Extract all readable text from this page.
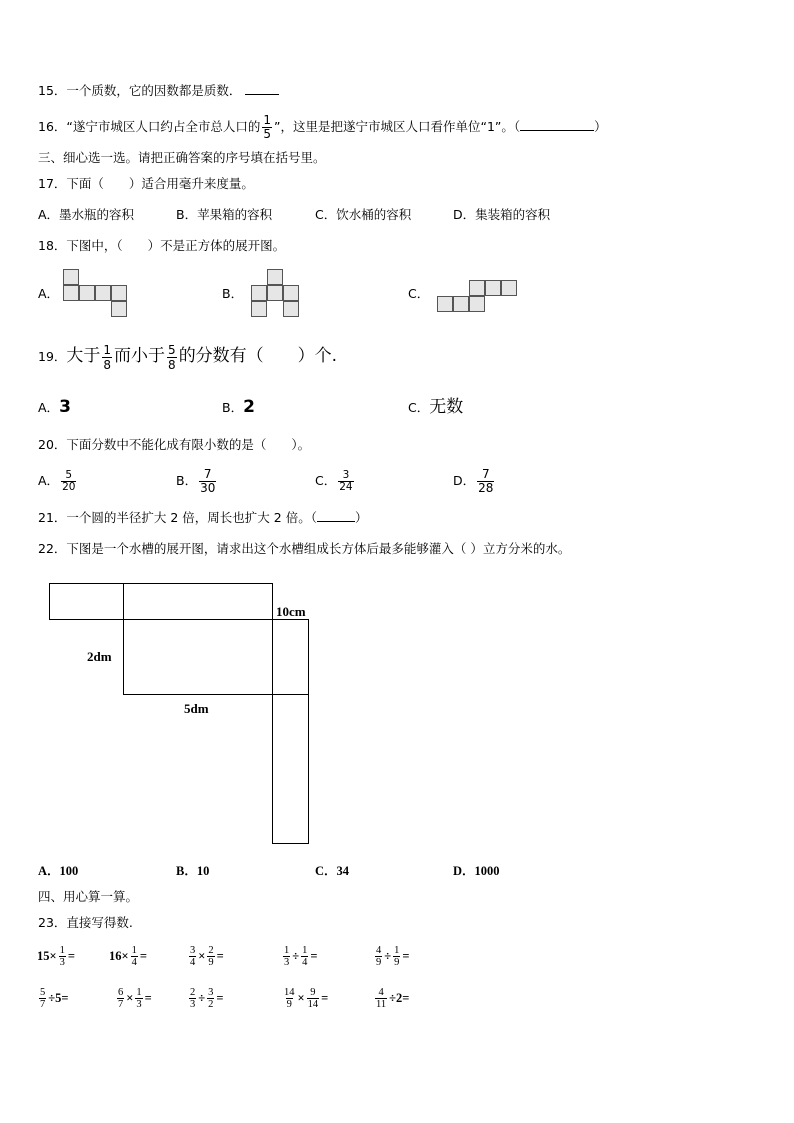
15．一个质数，它的因数都是质数．
16．“遂宁市城区人口约占全市总人口的 $\frac{1}{5}$ ”，这里是把遂宁市城区人口看作单位“1”。（	）
三、细心选一选。请把正确答案的序号填在括号里。
17．下面（　　）适合用毫升来度量。
A．墨水瓶的容积	B．苹果箱的容积	C．饮水桶的容积	D．集装箱的容积
18．下图中，（　　）不是正方体的展开图。
A．	B．	C．
19．大于 $\frac{1}{8}$ 而小于 $\frac{5}{8}$ 的分数有（　　）个.
A．3	B．2	C．无数
20．下面分数中不能化成有限小数的是（　　）。
A． $\frac{5}{20}$	B． $\frac{7}{30}$	C． $\frac{3}{24}$	D． $\frac{7}{28}$
21．一个圆的半径扩大 2 倍，周长也扩大 2 倍。（	）
22．下图是一个水槽的展开图，请求出这个水槽组成长方体后最多能够灌入（ ）立方分米的水。
10cm
2dm
5dm
A．100	B．10	C．34	D．1000
四、用心算一算。
23．直接写得数.
$15\times \frac{1}{3}$ =	$16\times \frac{1}{4}$ =	$\frac{3}{4} \times \frac{2}{9}$ =	$\frac{1}{3} \div \frac{1}{4}$ =	$\frac{4}{9} \div \frac{1}{9}$ =
$\frac{5}{7} \div 5=$	$\frac{6}{7} \times \frac{1}{3}$ =	$\frac{2}{3} \div \frac{3}{2}$ =	$\frac{14}{9} \times \frac{9}{14}$ =	$\frac{4}{11} \div 2=$
